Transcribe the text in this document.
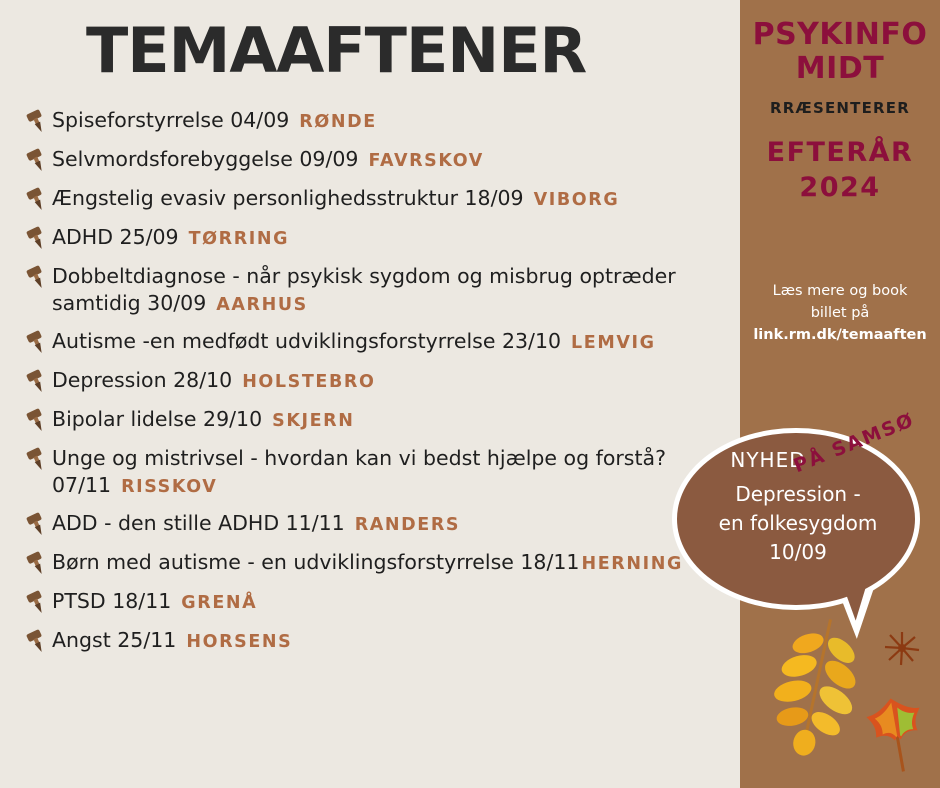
PSYKINFO
MIDT
RRÆSENTERER
EFTERÅR
2024
Læs mere og book billet på
link.rm.dk/temaaften
TEMAAFTENER
Spiseforstyrrelse 04/09 RØNDE
Selvmordsforebyggelse 09/09 FAVRSKOV
Ængstelig evasiv personlighedsstruktur 18/09 VIBORG
ADHD 25/09 TØRRING
Dobbeltdiagnose - når psykisk sygdom og misbrug optræder samtidig 30/09 AARHUS
Autisme -en medfødt udviklingsforstyrrelse 23/10 LEMVIG
Depression 28/10 HOLSTEBRO
Bipolar lidelse 29/10 SKJERN
Unge og mistrivsel - hvordan kan vi bedst hjælpe og forstå? 07/11 RISSKOV
ADD - den stille ADHD 11/11 RANDERS
Børn med autisme - en udviklingsforstyrrelse 18/11 HERNING
PTSD 18/11 GRENÅ
Angst 25/11 HORSENS
NYHED
Depression -
en folkesygdom
10/09
PÅ SAMSØ
